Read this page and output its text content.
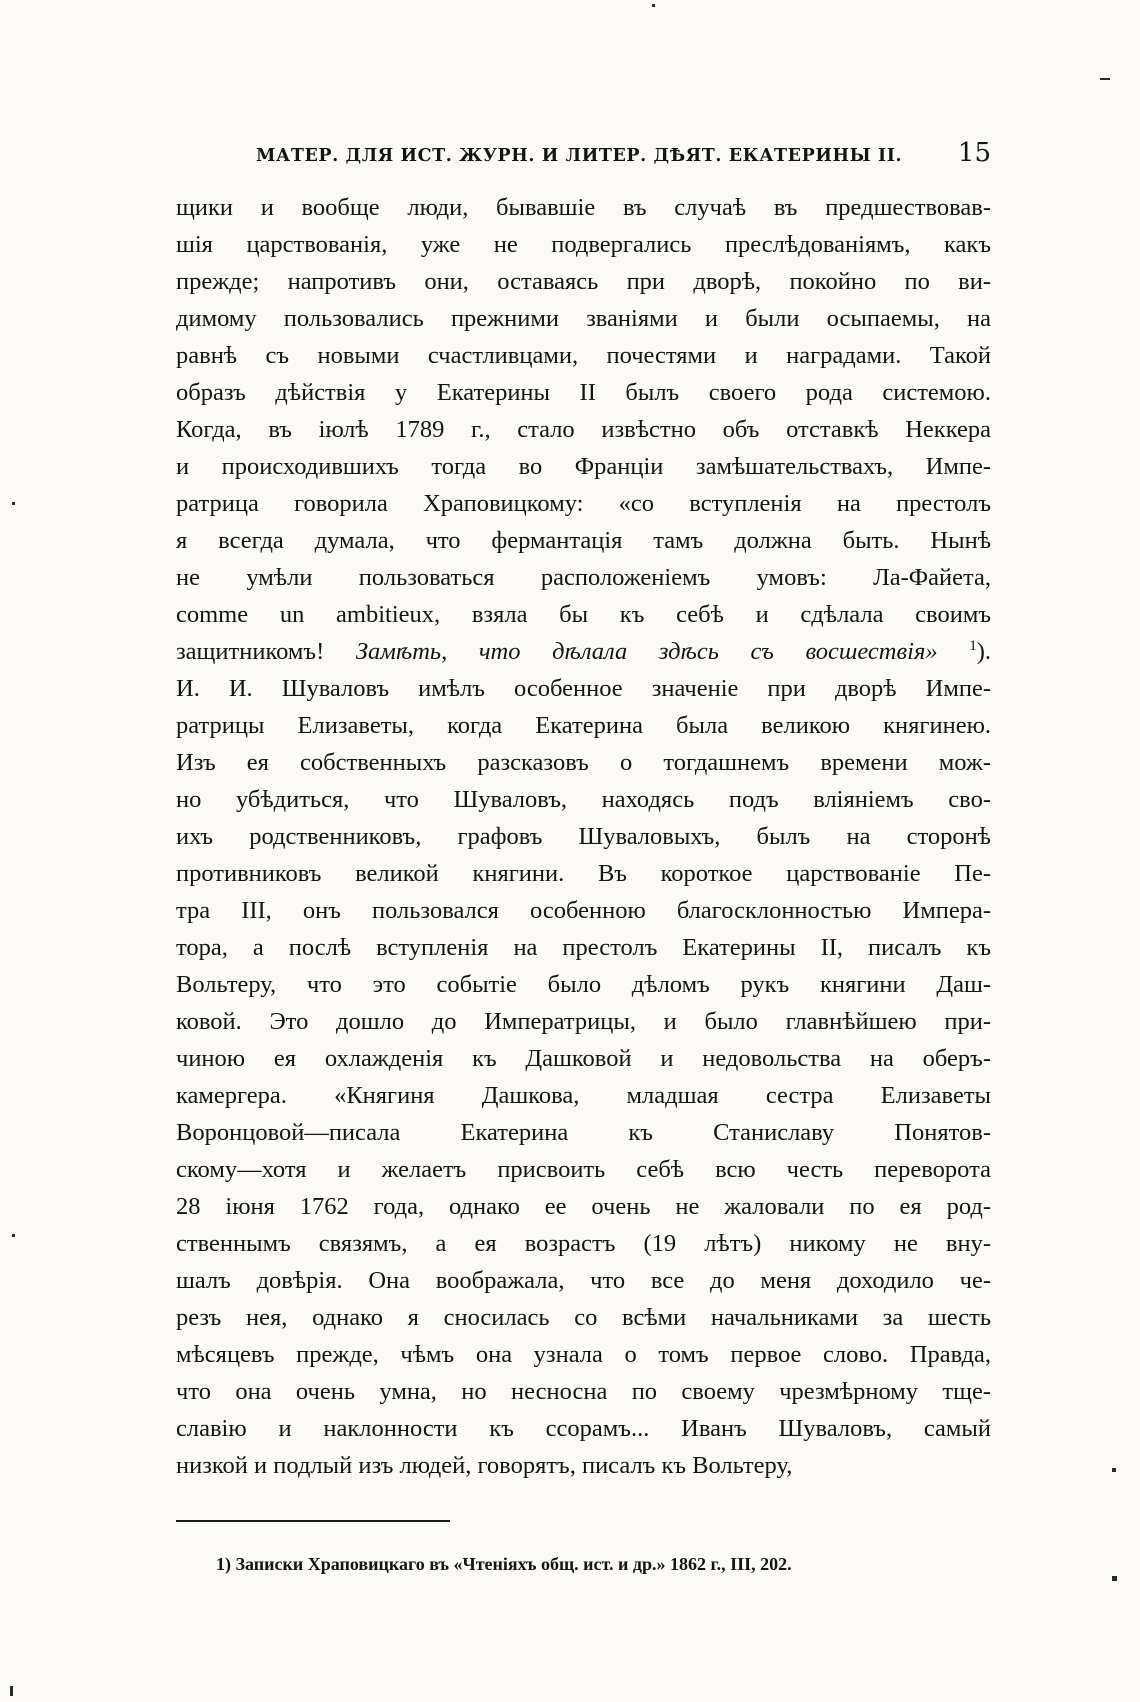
МАТЕР. ДЛЯ ИСТ. ЖУРН. И ЛИТЕР. ДѢЯТ. ЕКАТЕРИНЫ II. 15
щики и вообще люди, бывавшіе въ случаѣ въ предшествовав-
шія царствованія, уже не подвергались преслѣдованіямъ, какъ
прежде; напротивъ они, оставаясь при дворѣ, покойно по ви-
димому пользовались прежними званіями и были осыпаемы, на
равнѣ съ новыми счастливцами, почестями и наградами. Такой
образъ дѣйствія у Екатерины II былъ своего рода системою.
Когда, въ іюлѣ 1789 г., стало извѣстно объ отставкѣ Неккера
и происходившихъ тогда во Франціи замѣшательствахъ, Импе-
ратрица говорила Храповицкому: «со вступленія на престолъ
я всегда думала, что фермантація тамъ должна быть. Нынѣ
не умѣли пользоваться расположеніемъ умовъ: Ла-Файета,
comme un ambitieux, взяла бы къ себѣ и сдѣлала своимъ
защитникомъ! Замѣть, что дѣлала здѣсь съ восшествія» $^1$).
И. И. Шуваловъ имѣлъ особенное значеніе при дворѣ Импе-
ратрицы Елизаветы, когда Екатерина была великою княгинею.
Изъ ея собственныхъ разсказовъ о тогдашнемъ времени мож-
но убѣдиться, что Шуваловъ, находясь подъ вліяніемъ сво-
ихъ родственниковъ, графовъ Шуваловыхъ, былъ на сторонѣ
противниковъ великой княгини. Въ короткое царствованіе Пе-
тра III, онъ пользовался особенною благосклонностью Импера-
тора, а послѣ вступленія на престолъ Екатерины II, писалъ къ
Вольтеру, что это событіе было дѣломъ рукъ княгини Даш-
ковой. Это дошло до Императрицы, и было главнѣйшею при-
чиною ея охлажденія къ Дашковой и недовольства на оберъ-
камергера. «Княгиня Дашкова, младшая сестра Елизаветы
Воронцовой—писала Екатерина къ Станиславу Понятов-
скому—хотя и желаетъ присвоить себѣ всю честь переворота
28 іюня 1762 года, однако ее очень не жаловали по ея род-
ственнымъ связямъ, а ея возрастъ (19 лѣтъ) никому не вну-
шалъ довѣрія. Она воображала, что все до меня доходило че-
резъ нея, однако я сносилась со всѣми начальниками за шесть
мѣсяцевъ прежде, чѣмъ она узнала о томъ первое слово. Правда,
что она очень умна, но несносна по своему чрезмѣрному тще-
славію и наклонности къ ссорамъ... Иванъ Шуваловъ, самый
низкой и подлый изъ людей, говорятъ, писалъ къ Вольтеру,
1) Записки Храповицкаго въ «Чтеніяхъ общ. ист. и др.» 1862 г., III, 202.
